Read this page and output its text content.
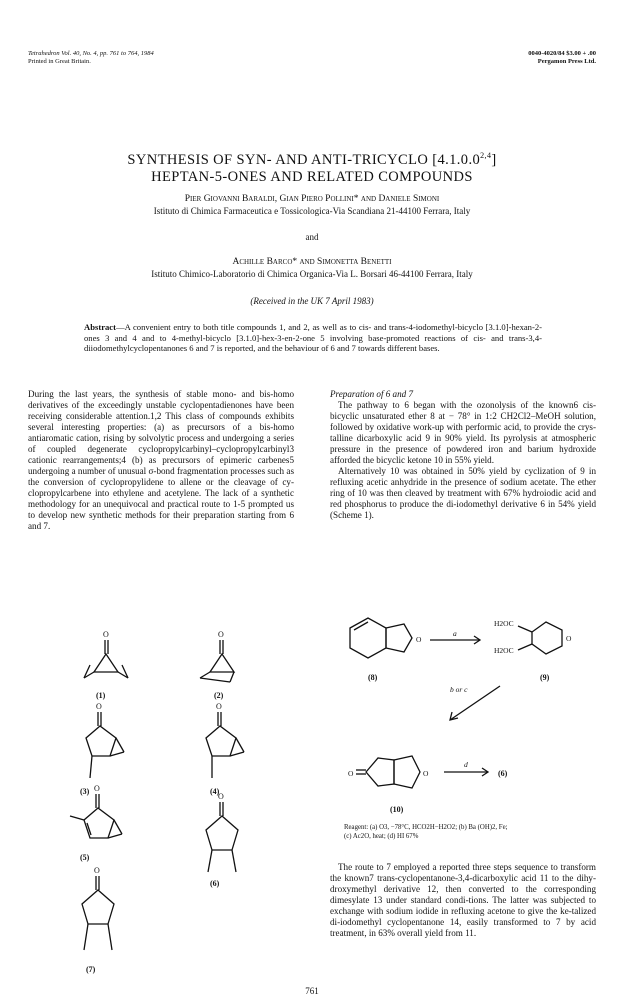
Tetrahedron Vol. 40, No. 4, pp. 761 to 764, 1984
Printed in Great Britain.
0040-4020/84 $3.00 + .00
Pergamon Press Ltd.
SYNTHESIS OF SYN- AND ANTI-TRICYCLO [4.1.0.0$^{2,4}$]
HEPTAN-5-ONES AND RELATED COMPOUNDS
Pier Giovanni Baraldi, Gian Piero Pollini* and Daniele Simoni
Istituto di Chimica Farmaceutica e Tossicologica-Via Scandiana 21-44100 Ferrara, Italy
and
Achille Barco* and Simonetta Benetti
Istituto Chimico-Laboratorio di Chimica Organica-Via L. Borsari 46-44100 Ferrara, Italy
(Received in the UK 7 April 1983)
Abstract—A convenient entry to both title compounds 1, and 2, as well as to cis- and trans-4-iodomethyl-bicyclo [3.1.0]-hexan-2-ones 3 and 4 and to 4-methyl-bicyclo [3.1.0]-hex-3-en-2-one 5 involving base-promoted reactions of cis- and trans-3,4-diiodomethylcyclopentanones 6 and 7 is reported, and the behaviour of 6 and 7 towards different bases.

During the last years, the synthesis of stable mono- and bis-homo derivatives of the exceedingly unstable cyclopentadienones have been receiving considerable attention.1,2 This class of compounds exhibits several interesting properties: (a) as precursors of a bis-homo antiaromatic cation, rising by solvolytic process and undergoing a series of coupled degenerate cyclopropylcarbinyl–cyclopropylcarbinyl3 cationic rearrangements;4 (b) as precursors of epimeric carbenes5 undergoing a number of unusual σ-bond fragmentation processes such as the conversion of cyclopropylidene to allene or the cleavage of cy-clopropylcarbene into ethylene and acetylene. The lack of a synthetic methodology for an unequivocal and practical route to 1-5 prompted us to develop new synthetic methods for their preparation starting from 6 and 7.

Preparation of 6 and 7

The pathway to 6 began with the ozonolysis of the known6 cis-bicyclic unsaturated ether 8 at − 78° in 1:2 CH2Cl2–MeOH solution, followed by oxidative work-up with performic acid, to provide the crys-talline dicarboxylic acid 9 in 90% yield. Its pyrolysis at atmospheric pressure in the presence of powdered iron and barium hydroxide afforded the bicyclic ketone 10 in 55% yield.

Alternatively 10 was obtained in 50% yield by cyclization of 9 in refluxing acetic anhydride in the presence of sodium acetate. The ether ring of 10 was then cleaved by treatment with 67% hydroiodic acid and red phosphorus to produce the di-iodomethyl derivative 6 in 54% yield (Scheme 1).

O	O
O	O
O
O
O
(1)	(2)
(3)	(4)
(5)
(6)
(7)
O
a
H2OC
H2OC
O
b or c
O	O
d
(8)	(9)
(10)
(6)
Reagent: (a) O3, −78°C, HCO2H−H2O2; (b) Ba (OH)2, Fe;
(c) Ac2O, heat; (d) HI 67%

The route to 7 employed a reported three steps sequence to transform the known7 trans-cyclopentanone-3,4-dicarboxylic acid 11 to the dihy-droxymethyl derivative 12, then converted to the corresponding dimesylate 13 under standard condi-tions. The latter was subjected to exchange with sodium iodide in refluxing acetone to give the ke-talized di-iodomethyl cyclopentanone 14, easily transformed to 7 by acid treatment, in 63% overall yield from 11.

761
